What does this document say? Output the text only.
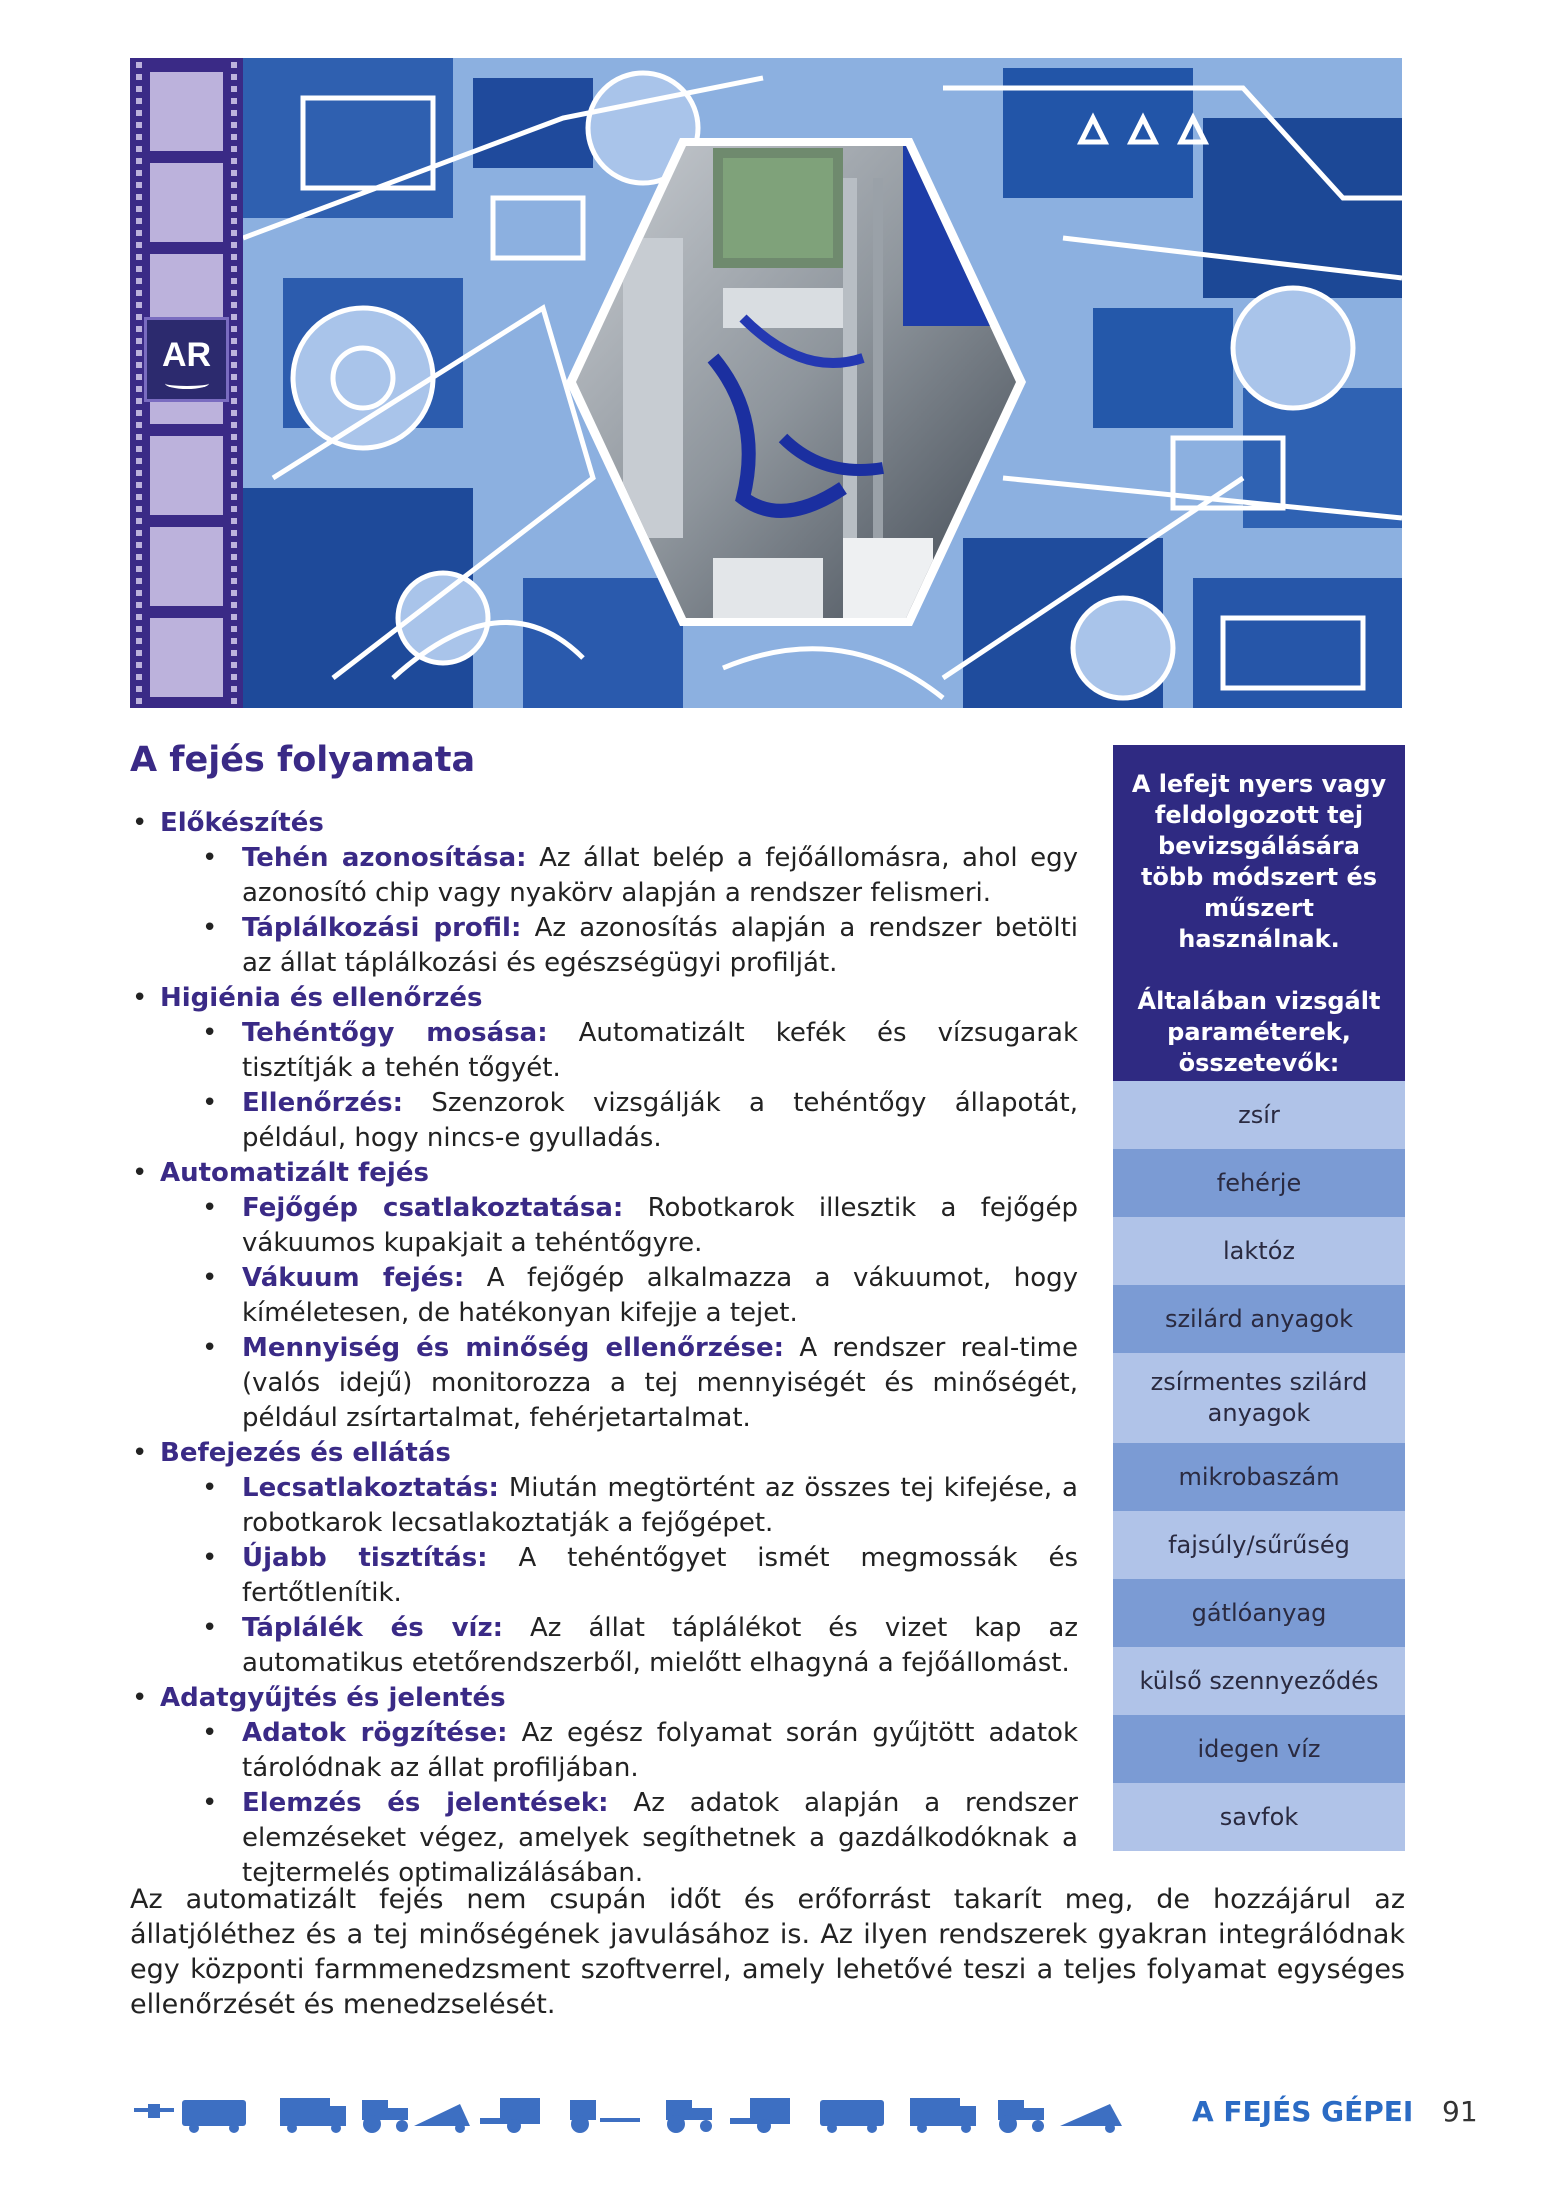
AR
A fejés folyamata
• Előkészítés
• Tehén azonosítása: Az állat belép a fejőállomásra, ahol egy azonosító chip vagy nyakörv alapján a rendszer felismeri.
• Táplálkozási profil: Az azonosítás alapján a rendszer betölti az állat táplálkozási és egészségügyi profilját.
• Higiénia és ellenőrzés
• Tehéntőgy mosása: Automatizált kefék és vízsugarak tisztítják a tehén tőgyét.
• Ellenőrzés: Szenzorok vizsgálják a tehéntőgy állapotát, például, hogy nincs-e gyulladás.
• Automatizált fejés
• Fejőgép csatlakoztatása: Robotkarok illesztik a fejőgép vákuumos kupakjait a tehéntőgyre.
• Vákuum fejés: A fejőgép alkalmazza a vákuumot, hogy kíméletesen, de hatékonyan kifejje a tejet.
• Mennyiség és minőség ellenőrzése: A rendszer real-time (valós idejű) monitorozza a tej mennyiségét és minőségét, például zsírtartalmat, fehérjetartalmat.
• Befejezés és ellátás
• Lecsatlakoztatás: Miután megtörtént az összes tej kifejése, a robotkarok lecsatlakoztatják a fejőgépet.
• Újabb tisztítás: A tehéntőgyet ismét megmossák és fertőtlenítik.
• Táplálék és víz: Az állat táplálékot és vizet kap az automatikus etetőrendszerből, mielőtt elhagyná a fejőállomást.
• Adatgyűjtés és jelentés
• Adatok rögzítése: Az egész folyamat során gyűjtött adatok tárolódnak az állat profiljában.
• Elemzés és jelentések: Az adatok alapján a rendszer elemzéseket végez, amelyek segíthetnek a gazdálkodóknak a tejtermelés optimalizálásában.

A lefejt nyers vagy feldolgozott tej bevizsgálására több módszert és műszert használnak.

Általában vizsgált paraméterek, összetevők:

zsír
fehérje
laktóz
szilárd anyagok
zsírmentes szilárd anyagok
mikrobaszám
fajsúly/sűrűség
gátlóanyag
külső szennyeződés
idegen víz
savfok

Az automatizált fejés nem csupán időt és erőforrást takarít meg, de hozzájárul az állatjóléthez és a tej minőségének javulásához is. Az ilyen rendszerek gyakran integrálódnak egy központi farmmenedzsment szoftverrel, amely lehetővé teszi a teljes folyamat egységes ellenőrzését és menedzselését.

A FEJÉS GÉPEI 91
